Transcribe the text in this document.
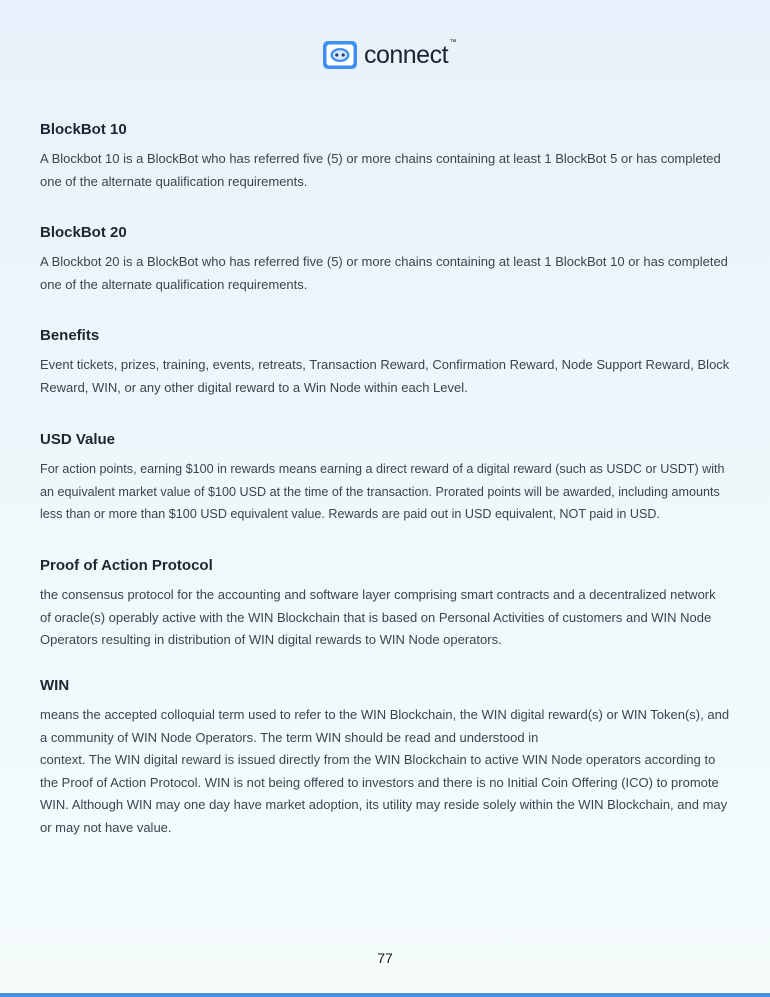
connect ™
BlockBot 10

A Blockbot 10 is a BlockBot who has referred five (5) or more chains containing at least 1 BlockBot 5 or has completed one of the alternate qualification requirements.

BlockBot 20

A Blockbot 20 is a BlockBot who has referred five (5) or more chains containing at least 1 BlockBot 10 or has completed one of the alternate qualification requirements.

Benefits

Event tickets, prizes, training, events, retreats, Transaction Reward, Confirmation Reward, Node Support Reward, Block Reward, WIN, or any other digital reward to a Win Node within each Level.

USD Value

For action points, earning $100 in rewards means earning a direct reward of a digital reward (such as USDC or USDT) with an equivalent market value of $100 USD at the time of the transaction. Prorated points will be awarded, including amounts less than or more than $100 USD equivalent value. Rewards are paid out in USD equivalent, NOT paid in USD.

Proof of Action Protocol

the consensus protocol for the accounting and software layer comprising smart contracts and a decentralized network of oracle(s) operably active with the WIN Blockchain that is based on Personal Activities of customers and WIN Node Operators resulting in distribution of WIN digital rewards to WIN Node operators.

WIN

means the accepted colloquial term used to refer to the WIN Blockchain, the WIN digital reward(s) or WIN Token(s), and a community of WIN Node Operators. The term WIN should be read and understood in
context. The WIN digital reward is issued directly from the WIN Blockchain to active WIN Node operators according to the Proof of Action Protocol. WIN is not being offered to investors and there is no Initial Coin Offering (ICO) to promote WIN. Although WIN may one day have market adoption, its utility may reside solely within the WIN Blockchain, and may or may not have value.

77
